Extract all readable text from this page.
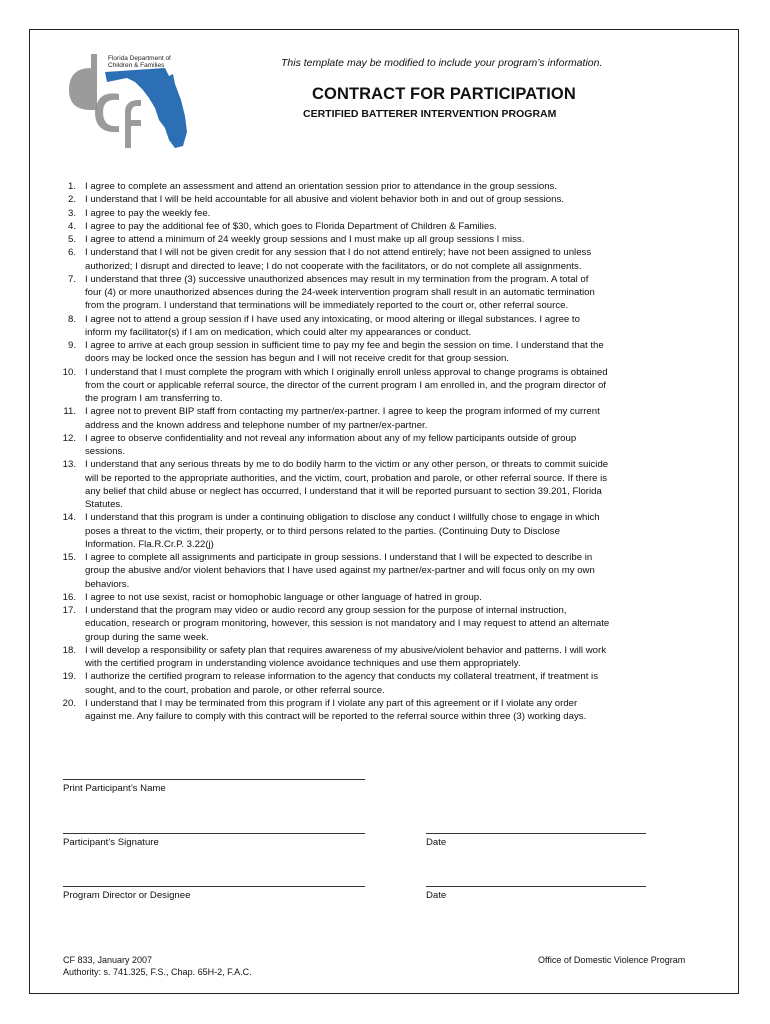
Florida Department of
Children & Families	This template may be modified to include your program’s information.
CONTRACT FOR PARTICIPATION
CERTIFIED BATTERER INTERVENTION PROGRAM
1. I agree to complete an assessment and attend an orientation session prior to attendance in the group sessions.
2. I understand that I will be held accountable for all abusive and violent behavior both in and out of group sessions.
3. I agree to pay the weekly fee.
4. I agree to pay the additional fee of $30, which goes to Florida Department of Children & Families.
5. I agree to attend a minimum of 24 weekly group sessions and I must make up all group sessions I miss.
6. I understand that I will not be given credit for any session that I do not attend entirely; have not been assigned to unless
authorized; I disrupt and directed to leave; I do not cooperate with the facilitators, or do not complete all assignments.
7. I understand that three (3) successive unauthorized absences may result in my termination from the program. A total of
four (4) or more unauthorized absences during the 24-week intervention program shall result in an automatic termination
from the program. I understand that terminations will be immediately reported to the court or, other referral source.
8. I agree not to attend a group session if I have used any intoxicating, or mood altering or illegal substances. I agree to
inform my facilitator(s) if I am on medication, which could alter my appearances or conduct.
9. I agree to arrive at each group session in sufficient time to pay my fee and begin the session on time. I understand that the
doors may be locked once the session has begun and I will not receive credit for that group session.
10. I understand that I must complete the program with which I originally enroll unless approval to change programs is obtained
from the court or applicable referral source, the director of the current program I am enrolled in, and the program director of
the program I am transferring to.
11. I agree not to prevent BIP staff from contacting my partner/ex-partner. I agree to keep the program informed of my current
address and the known address and telephone number of my partner/ex-partner.
12. I agree to observe confidentiality and not reveal any information about any of my fellow participants outside of group
sessions.
13. I understand that any serious threats by me to do bodily harm to the victim or any other person, or threats to commit suicide
will be reported to the appropriate authorities, and the victim, court, probation and parole, or other referral source. If there is
any belief that child abuse or neglect has occurred, I understand that it will be reported pursuant to section 39.201, Florida
Statutes.
14. I understand that this program is under a continuing obligation to disclose any conduct I willfully chose to engage in which
poses a threat to the victim, their property, or to third persons related to the parties. (Continuing Duty to Disclose
Information. Fla.R.Cr.P. 3.22(j)
15. I agree to complete all assignments and participate in group sessions. I understand that I will be expected to describe in
group the abusive and/or violent behaviors that I have used against my partner/ex-partner and will focus only on my own
behaviors.
16. I agree to not use sexist, racist or homophobic language or other language of hatred in group.
17. I understand that the program may video or audio record any group session for the purpose of internal instruction,
education, research or program monitoring, however, this session is not mandatory and I may request to attend an alternate
group during the same week.
18. I will develop a responsibility or safety plan that requires awareness of my abusive/violent behavior and patterns. I will work
with the certified program in understanding violence avoidance techniques and use them appropriately.
19. I authorize the certified program to release information to the agency that conducts my collateral treatment, if treatment is
sought, and to the court, probation and parole, or other referral source.
20. I understand that I may be terminated from this program if I violate any part of this agreement or if I violate any order
against me. Any failure to comply with this contract will be reported to the referral source within three (3) working days.
Print Participant’s Name
Participant’s Signature	Date
Program Director or Designee	Date
CF 833, January 2007
Authority: s. 741.325, F.S., Chap. 65H-2, F.A.C.
Office of Domestic Violence Program
